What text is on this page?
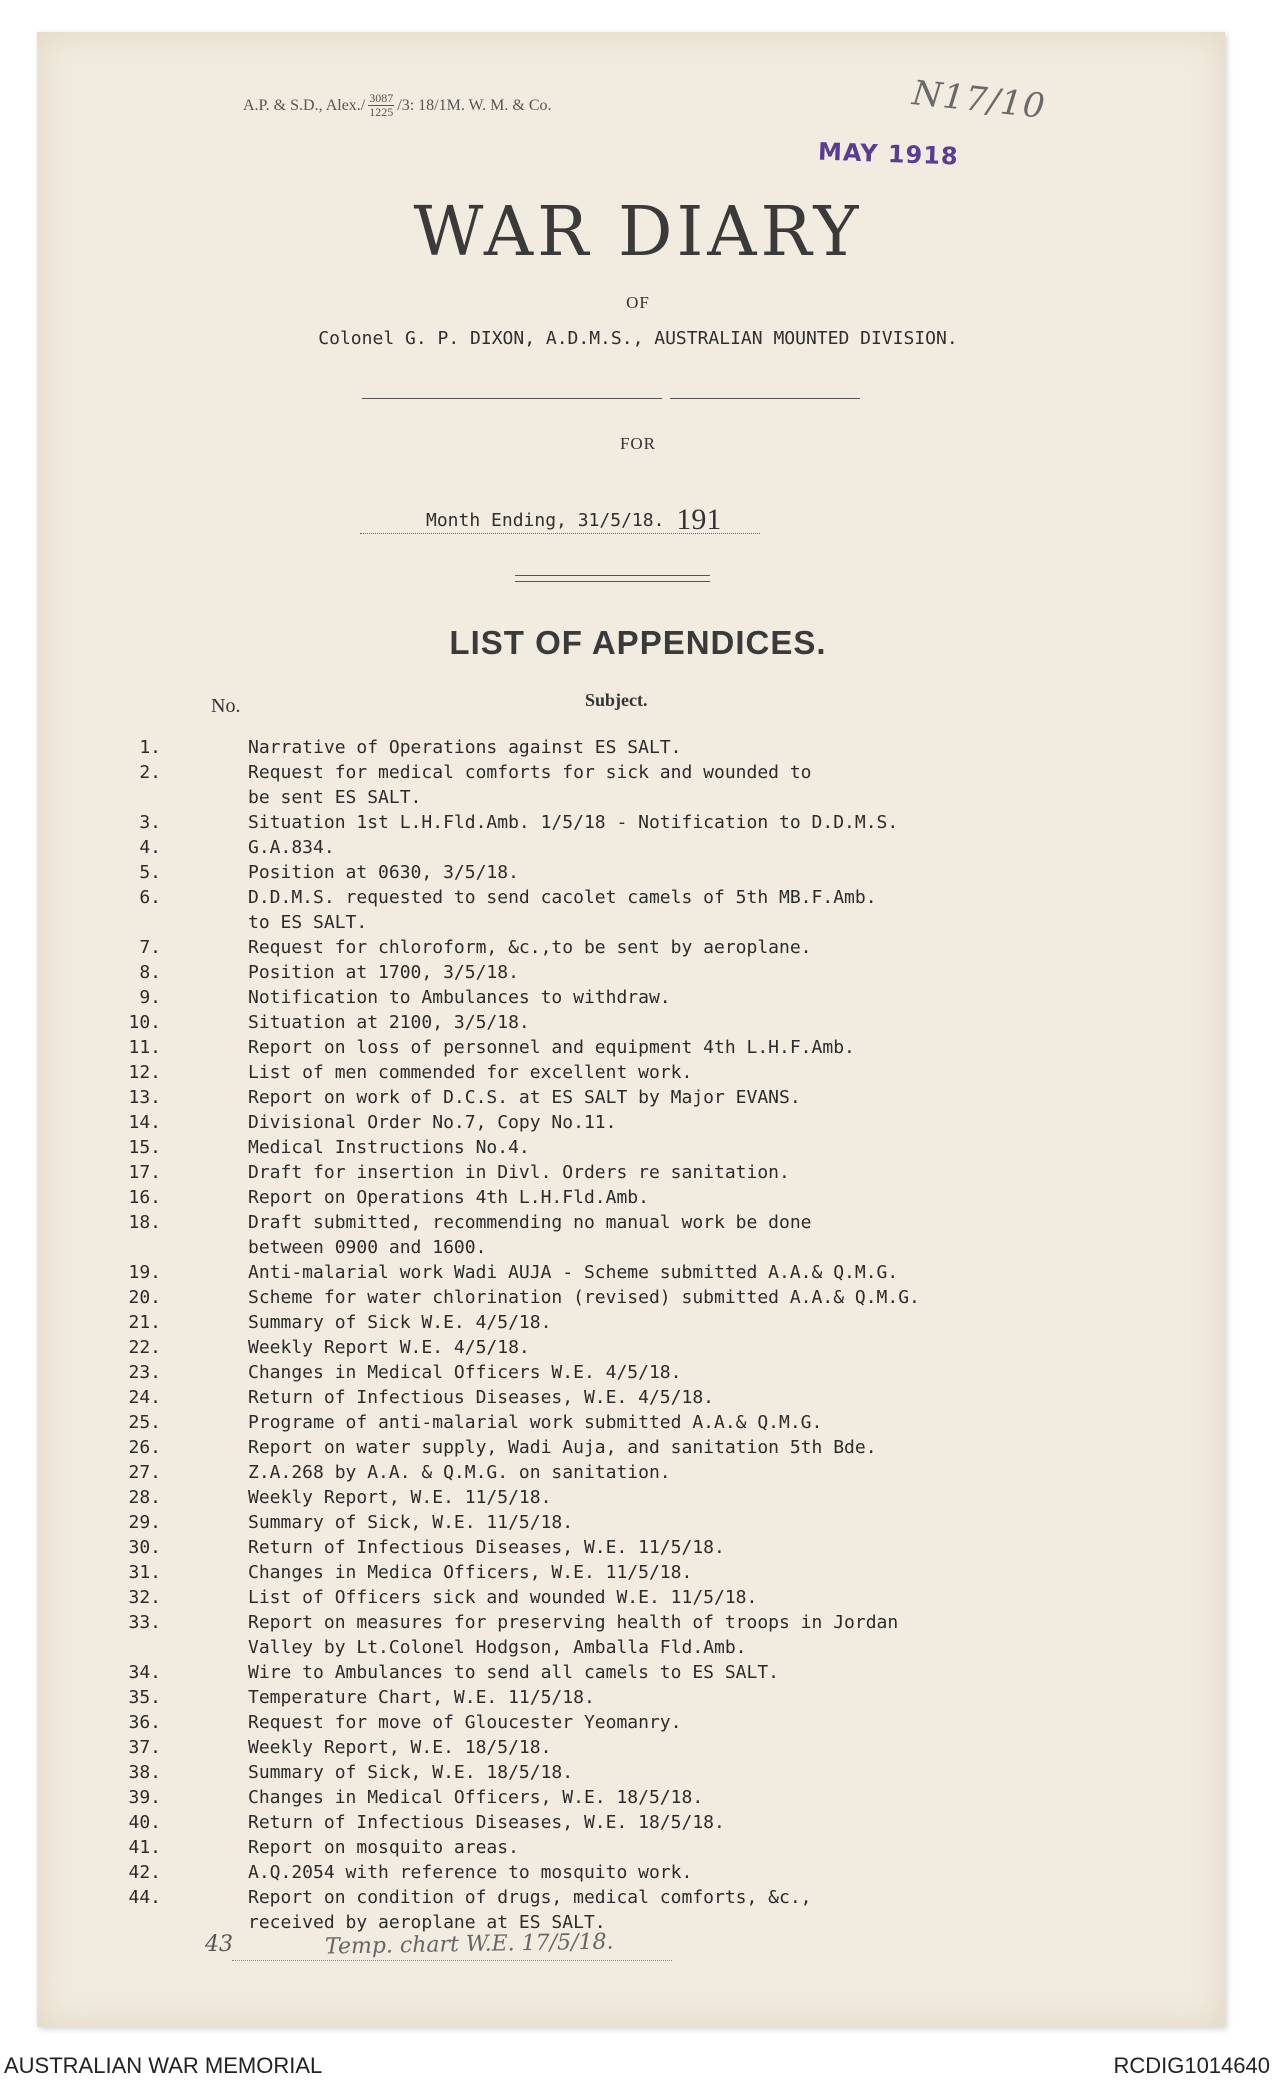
A.P. & S.D., Alex./ $\frac{3087}{1225} /3$: 18/1M. W. M. & Co.	N17/10
MAY 1918
WAR DIARY
OF
Colonel G. P. DIXON, A.D.M.S., AUSTRALIAN MOUNTED DIVISION.
FOR
Month Ending, 31/5/18. 191
LIST OF APPENDICES.
No.	Subject.
1.	Narrative of Operations against ES SALT.
2.	Request for medical comforts for sick and wounded to
be sent ES SALT.
3.	Situation 1st L.H.Fld.Amb. 1/5/18 - Notification to D.D.M.S.
4.	G.A.834.
5.	Position at 0630, 3/5/18.
6.	D.D.M.S. requested to send cacolet camels of 5th MB.F.Amb.
to ES SALT.
7.	Request for chloroform, &c.,to be sent by aeroplane.
8.	Position at 1700, 3/5/18.
9.	Notification to Ambulances to withdraw.
10.	Situation at 2100, 3/5/18.
11.	Report on loss of personnel and equipment 4th L.H.F.Amb.
12.	List of men commended for excellent work.
13.	Report on work of D.C.S. at ES SALT by Major EVANS.
14.	Divisional Order No.7, Copy No.11.
15.	Medical Instructions No.4.
17.	Draft for insertion in Divl. Orders re sanitation.
16.	Report on Operations 4th L.H.Fld.Amb.
18.	Draft submitted, recommending no manual work be done
between 0900 and 1600.
19.	Anti-malarial work Wadi AUJA - Scheme submitted A.A.& Q.M.G.
20.	Scheme for water chlorination (revised) submitted A.A.& Q.M.G.
21.	Summary of Sick W.E. 4/5/18.
22.	Weekly Report W.E. 4/5/18.
23.	Changes in Medical Officers W.E. 4/5/18.
24.	Return of Infectious Diseases, W.E. 4/5/18.
25.	Programe of anti-malarial work submitted A.A.& Q.M.G.
26.	Report on water supply, Wadi Auja, and sanitation 5th Bde.
27.	Z.A.268 by A.A. & Q.M.G. on sanitation.
28.	Weekly Report, W.E. 11/5/18.
29.	Summary of Sick, W.E. 11/5/18.
30.	Return of Infectious Diseases, W.E. 11/5/18.
31.	Changes in Medica Officers, W.E. 11/5/18.
32.	List of Officers sick and wounded W.E. 11/5/18.
33.	Report on measures for preserving health of troops in Jordan
Valley by Lt.Colonel Hodgson, Amballa Fld.Amb.
34.	Wire to Ambulances to send all camels to ES SALT.
35.	Temperature Chart, W.E. 11/5/18.
36.	Request for move of Gloucester Yeomanry.
37.	Weekly Report, W.E. 18/5/18.
38.	Summary of Sick, W.E. 18/5/18.
39.	Changes in Medical Officers, W.E. 18/5/18.
40.	Return of Infectious Diseases, W.E. 18/5/18.
41.	Report on mosquito areas.
42.	A.Q.2054 with reference to mosquito work.
44.	Report on condition of drugs, medical comforts, &c.,
received by aeroplane at ES SALT.
43	Temp. chart W.E. 17/5/18.
AUSTRALIAN WAR MEMORIAL	RCDIG1014640
